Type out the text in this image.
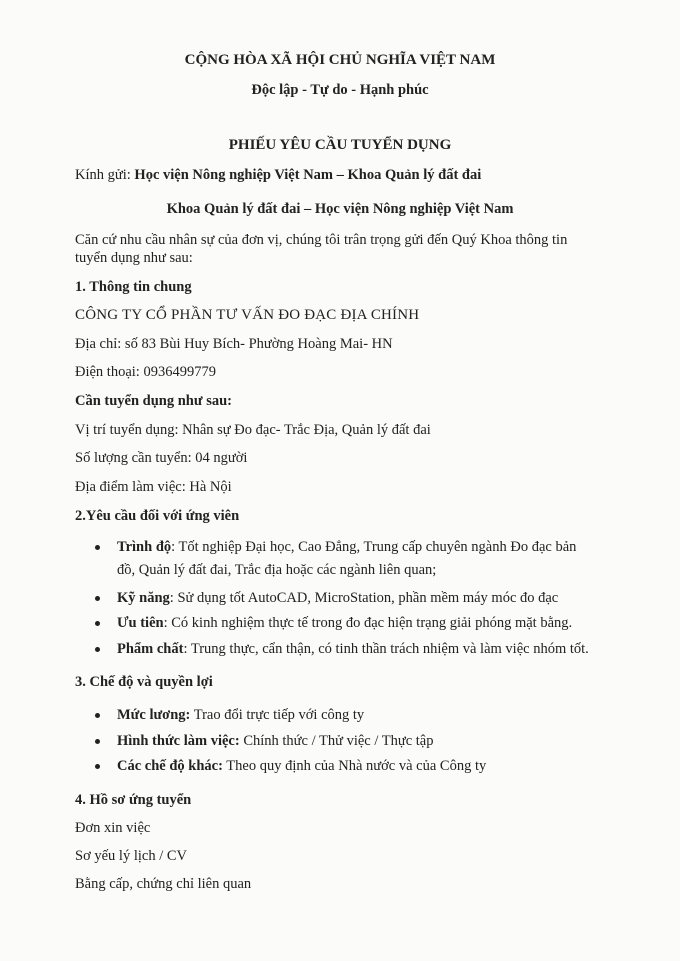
CỘNG HÒA XÃ HỘI CHỦ NGHĨA VIỆT NAM
Độc lập - Tự do - Hạnh phúc
PHIẾU YÊU CẦU TUYỂN DỤNG
Kính gửi: Học viện Nông nghiệp Việt Nam – Khoa Quản lý đất đai
Khoa Quản lý đất đai – Học viện Nông nghiệp Việt Nam
Căn cứ nhu cầu nhân sự của đơn vị, chúng tôi trân trọng gửi đến Quý Khoa thông tin
tuyển dụng như sau:
1. Thông tin chung
CÔNG TY CỔ PHẦN TƯ VẤN ĐO ĐẠC ĐỊA CHÍNH
Địa chỉ: số 83 Bùi Huy Bích- Phường Hoàng Mai- HN
Điện thoại: 0936499779
Cần tuyển dụng như sau:
Vị trí tuyển dụng: Nhân sự Đo đạc- Trắc Địa, Quản lý đất đai
Số lượng cần tuyển: 04 người
Địa điểm làm việc: Hà Nội
2.Yêu cầu đối với ứng viên
Trình độ: Tốt nghiệp Đại học, Cao Đẳng, Trung cấp chuyên ngành Đo đạc bản
đồ, Quản lý đất đai, Trắc địa hoặc các ngành liên quan;
Kỹ năng: Sử dụng tốt AutoCAD, MicroStation, phần mềm máy móc đo đạc
Ưu tiên: Có kinh nghiệm thực tế trong đo đạc hiện trạng giải phóng mặt bằng.
Phẩm chất: Trung thực, cẩn thận, có tinh thần trách nhiệm và làm việc nhóm tốt.
3. Chế độ và quyền lợi
Mức lương: Trao đổi trực tiếp với công ty
Hình thức làm việc: Chính thức / Thử việc / Thực tập
Các chế độ khác: Theo quy định của Nhà nước và của Công ty
4. Hồ sơ ứng tuyển
Đơn xin việc
Sơ yếu lý lịch / CV
Bằng cấp, chứng chỉ liên quan
